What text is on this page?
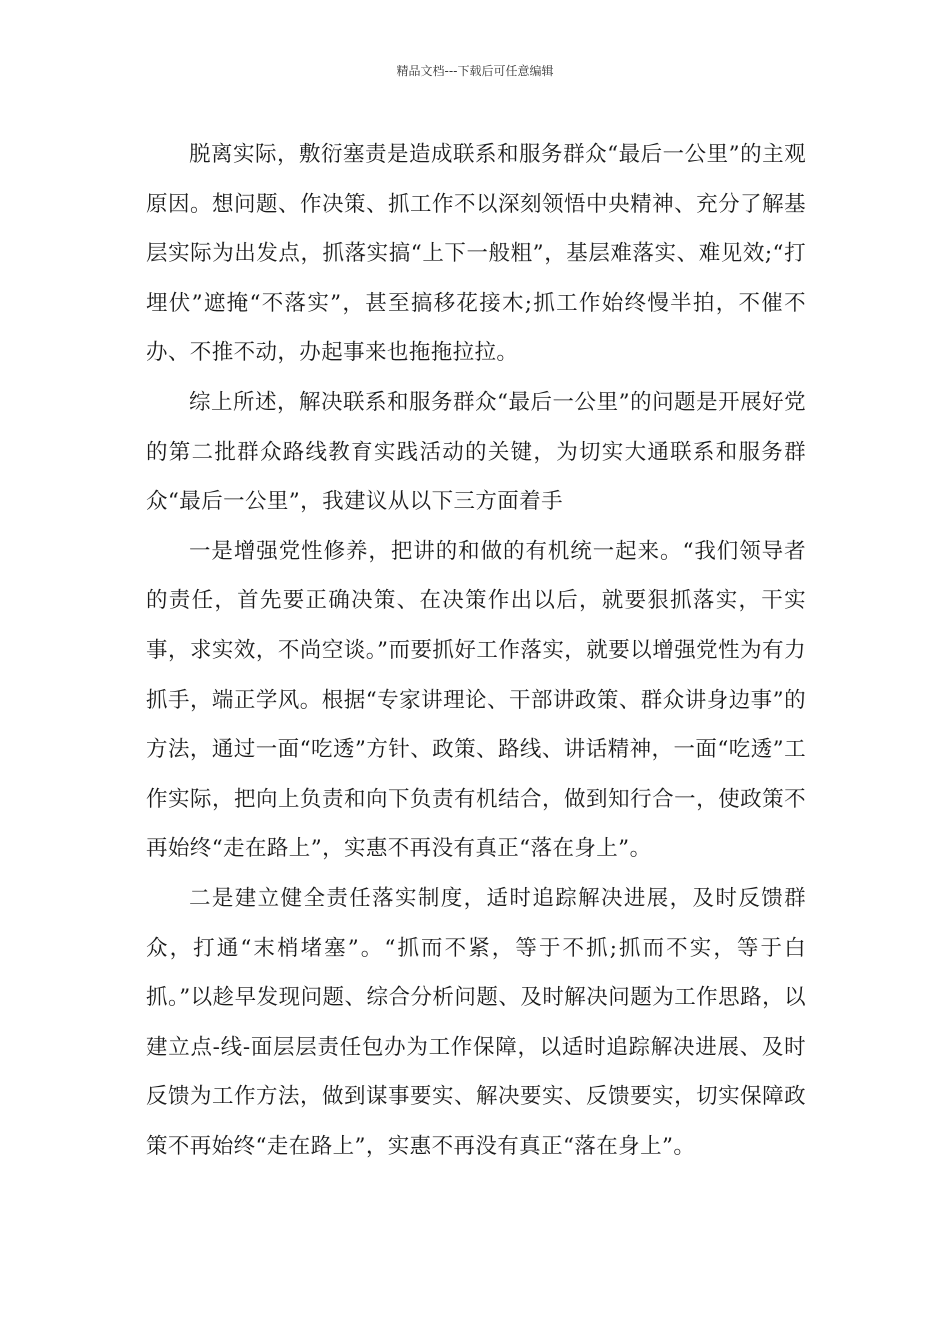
精品文档---下载后可任意编辑

脱离实际，敷衍塞责是造成联系和服务群众“最后一公里”的主观原因。想问题、作决策、抓工作不以深刻领悟中央精神、充分了解基层实际为出发点，抓落实搞“上下一般粗”，基层难落实、难见效;“打埋伏”遮掩“不落实”，甚至搞移花接木;抓工作始终慢半拍，不催不办、不推不动，办起事来也拖拖拉拉。

综上所述，解决联系和服务群众“最后一公里”的问题是开展好党的第二批群众路线教育实践活动的关键，为切实大通联系和服务群众“最后一公里”，我建议从以下三方面着手

一是增强党性修养，把讲的和做的有机统一起来。“我们领导者的责任，首先要正确决策、在决策作出以后，就要狠抓落实，干实事，求实效，不尚空谈。”而要抓好工作落实，就要以增强党性为有力抓手，端正学风。根据“专家讲理论、干部讲政策、群众讲身边事”的方法，通过一面“吃透”方针、政策、路线、讲话精神，一面“吃透”工作实际，把向上负责和向下负责有机结合，做到知行合一，使政策不再始终“走在路上”，实惠不再没有真正“落在身上”。

二是建立健全责任落实制度，适时追踪解决进展，及时反馈群众，打通“末梢堵塞”。“抓而不紧，等于不抓;抓而不实，等于白抓。”以趁早发现问题、综合分析问题、及时解决问题为工作思路，以建立点-线-面层层责任包办为工作保障，以适时追踪解决进展、及时反馈为工作方法，做到谋事要实、解决要实、反馈要实，切实保障政策不再始终“走在路上”，实惠不再没有真正“落在身上”。
